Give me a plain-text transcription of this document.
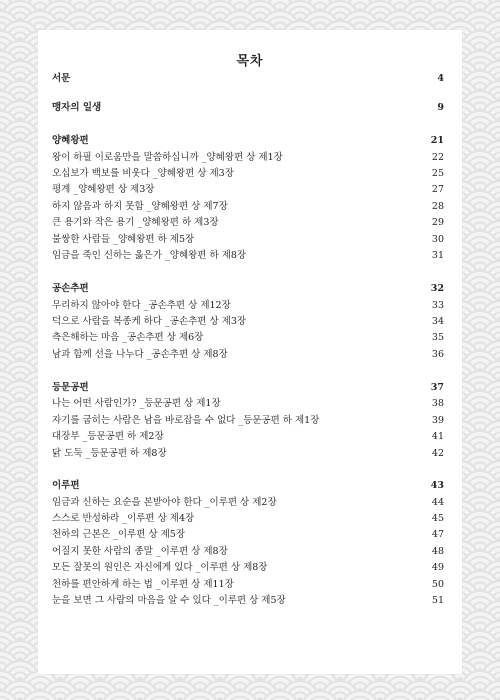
목차
서문	4
맹자의 일생	9
양혜왕편	21
왕이 하필 이로움만을 말씀하십니까 _양혜왕편 상 제1장	22
오십보가 백보를 비웃다 _양혜왕편 상 제3장	25
평계 _양혜왕편 상 제3장	27
하지 않음과 하지 못함 _양혜왕편 상 제7장	28
큰 용기와 작은 용기 _양혜왕편 하 제3장	29
불쌍한 사람들 _양혜왕편 하 제5장	30
임금을 죽인 신하는 옳은가 _양혜왕편 하 제8장	31
공손추편	32
무리하지 않아야 한다 _공손추편 상 제12장	33
덕으로 사람을 복종케 하다 _공손추편 상 제3장	34
측은해하는 마음 _공손추편 상 제6장	35
남과 함께 선을 나누다 _공손추편 상 제8장	36
등문공편	37
나는 어떤 사람인가? _등문공편 상 제1장	38
자기를 굽히는 사람은 남을 바로잡을 수 없다 _등문공편 하 제1장	39
대장부 _등문공편 하 제2장	41
닭 도둑 _등문공편 하 제8장	42
이루편	43
임금과 신하는 요순을 본받아야 한다 _이루편 상 제2장	44
스스로 반성하라 _이루편 상 제4장	45
천하의 근본은 _이루편 상 제5장	47
어질지 못한 사람의 종말 _이루편 상 제8장	48
모든 잘못의 원인은 자신에게 있다 _이루편 상 제8장	49
천하를 편안하게 하는 법 _이루편 상 제11장	50
눈을 보면 그 사람의 마음을 알 수 있다 _이루편 상 제5장	51
